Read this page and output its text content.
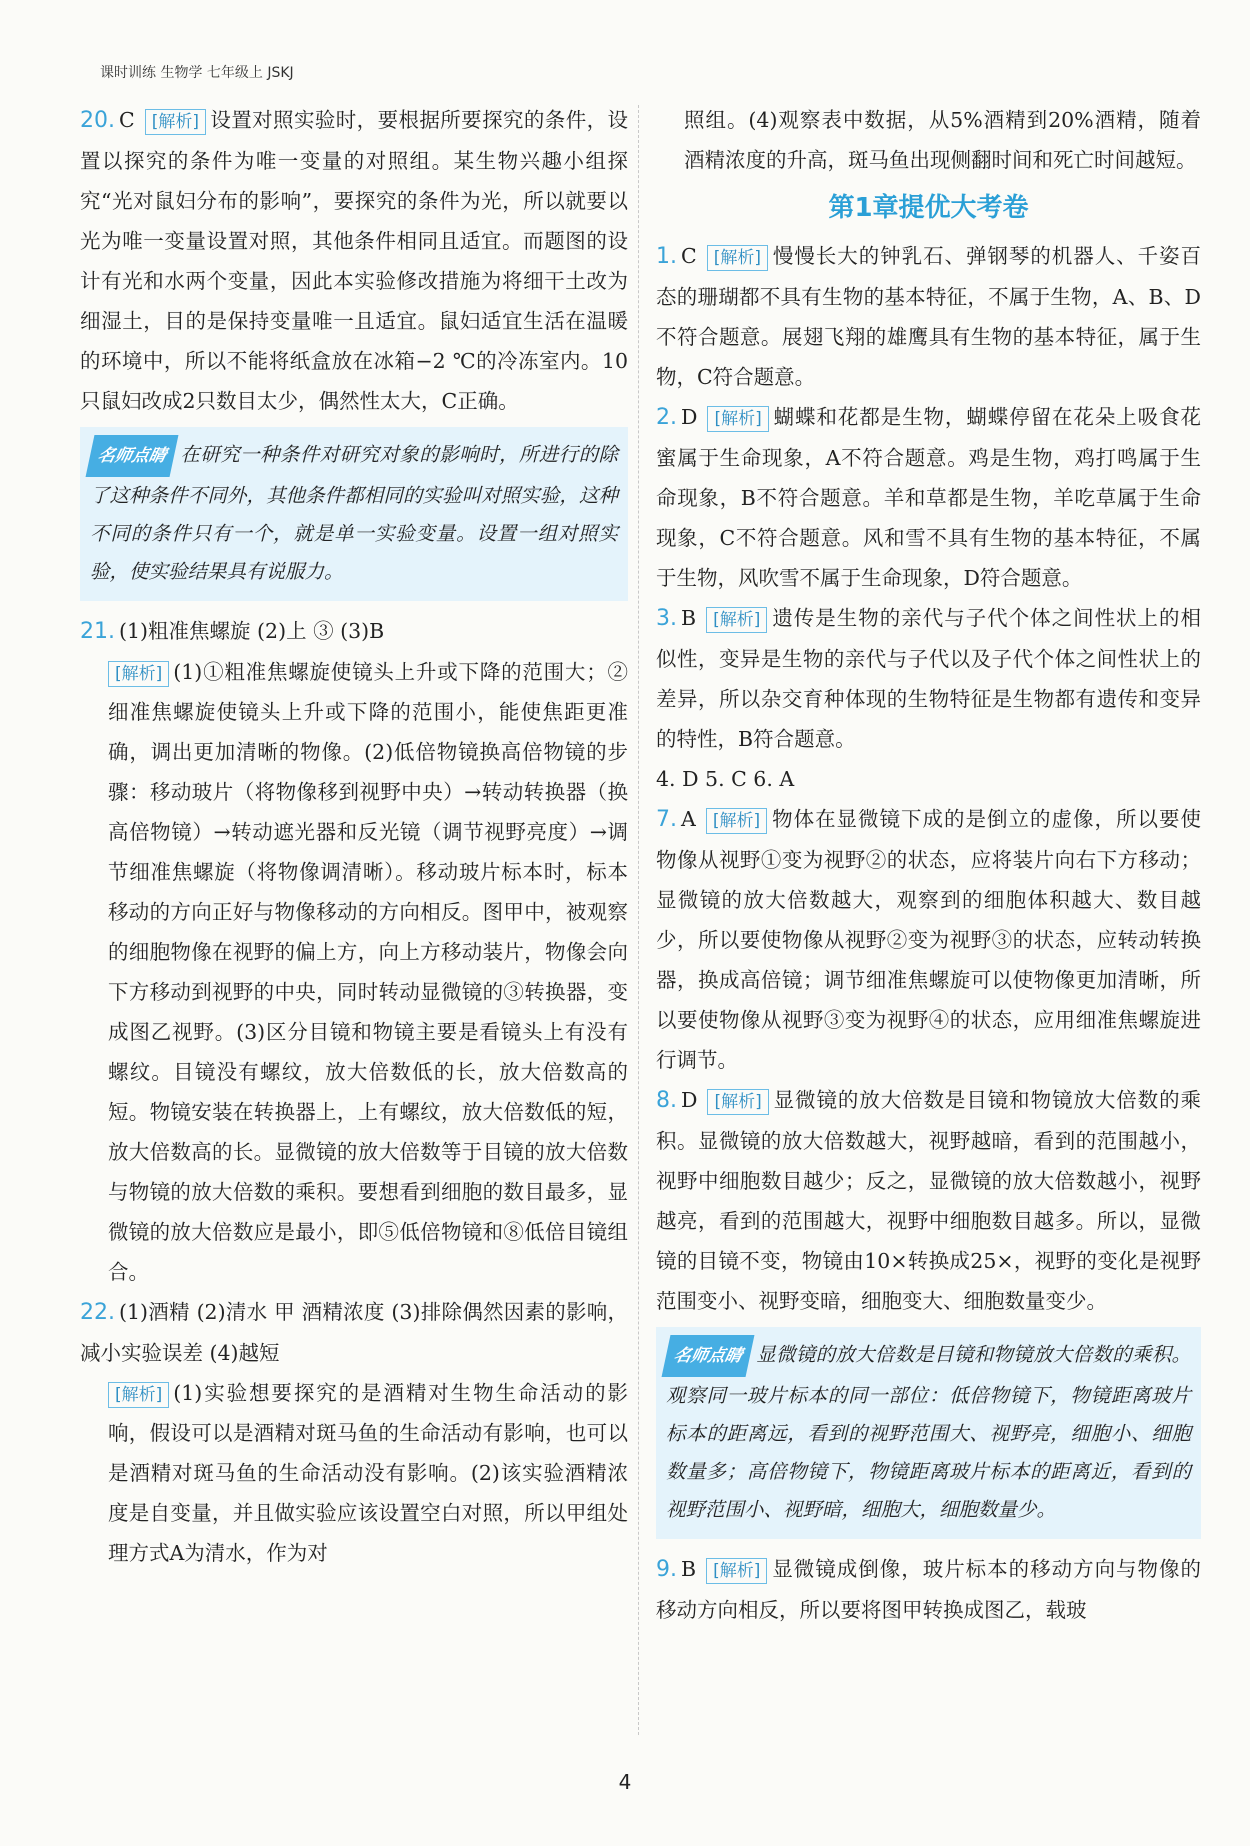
课时训练 生物学 七年级上 JSKJ

20. C [解析] 设置对照实验时，要根据所要探究的条件，设置以探究的条件为唯一变量的对照组。某生物兴趣小组探究“光对鼠妇分布的影响”，要探究的条件为光，所以就要以光为唯一变量设置对照，其他条件相同且适宜。而题图的设计有光和水两个变量，因此本实验修改措施为将细干土改为细湿土，目的是保持变量唯一且适宜。鼠妇适宜生活在温暖的环境中，所以不能将纸盒放在冰箱−2 ℃的冷冻室内。10只鼠妇改成2只数目太少，偶然性太大，C正确。

名师点睛 在研究一种条件对研究对象的影响时，所进行的除了这种条件不同外，其他条件都相同的实验叫对照实验，这种不同的条件只有一个，就是单一实验变量。设置一组对照实验，使实验结果具有说服力。

21. (1)粗准焦螺旋 (2)上 ③ (3)B

[解析] (1)①粗准焦螺旋使镜头上升或下降的范围大；②细准焦螺旋使镜头上升或下降的范围小，能使焦距更准确，调出更加清晰的物像。(2)低倍物镜换高倍物镜的步骤：移动玻片（将物像移到视野中央）→转动转换器（换高倍物镜）→转动遮光器和反光镜（调节视野亮度）→调节细准焦螺旋（将物像调清晰）。移动玻片标本时，标本移动的方向正好与物像移动的方向相反。图甲中，被观察的细胞物像在视野的偏上方，向上方移动装片，物像会向下方移动到视野的中央，同时转动显微镜的③转换器，变成图乙视野。(3)区分目镜和物镜主要是看镜头上有没有螺纹。目镜没有螺纹，放大倍数低的长，放大倍数高的短。物镜安装在转换器上，上有螺纹，放大倍数低的短，放大倍数高的长。显微镜的放大倍数等于目镜的放大倍数与物镜的放大倍数的乘积。要想看到细胞的数目最多，显微镜的放大倍数应是最小，即⑤低倍物镜和⑧低倍目镜组合。

22. (1)酒精 (2)清水 甲 酒精浓度 (3)排除偶然因素的影响，减小实验误差 (4)越短

[解析] (1)实验想要探究的是酒精对生物生命活动的影响，假设可以是酒精对斑马鱼的生命活动有影响，也可以是酒精对斑马鱼的生命活动没有影响。(2)该实验酒精浓度是自变量，并且做实验应该设置空白对照，所以甲组处理方式A为清水，作为对

照组。(4)观察表中数据，从5%酒精到20%酒精，随着酒精浓度的升高，斑马鱼出现侧翻时间和死亡时间越短。

第1章提优大考卷

1. C [解析] 慢慢长大的钟乳石、弹钢琴的机器人、千姿百态的珊瑚都不具有生物的基本特征，不属于生物，A、B、D不符合题意。展翅飞翔的雄鹰具有生物的基本特征，属于生物，C符合题意。

2. D [解析] 蝴蝶和花都是生物，蝴蝶停留在花朵上吸食花蜜属于生命现象，A不符合题意。鸡是生物，鸡打鸣属于生命现象，B不符合题意。羊和草都是生物，羊吃草属于生命现象，C不符合题意。风和雪不具有生物的基本特征，不属于生物，风吹雪不属于生命现象，D符合题意。

3. B [解析] 遗传是生物的亲代与子代个体之间性状上的相似性，变异是生物的亲代与子代以及子代个体之间性状上的差异，所以杂交育种体现的生物特征是生物都有遗传和变异的特性，B符合题意。

4. D 5. C 6. A

7. A [解析] 物体在显微镜下成的是倒立的虚像，所以要使物像从视野①变为视野②的状态，应将装片向右下方移动；显微镜的放大倍数越大，观察到的细胞体积越大、数目越少，所以要使物像从视野②变为视野③的状态，应转动转换器，换成高倍镜；调节细准焦螺旋可以使物像更加清晰，所以要使物像从视野③变为视野④的状态，应用细准焦螺旋进行调节。

8. D [解析] 显微镜的放大倍数是目镜和物镜放大倍数的乘积。显微镜的放大倍数越大，视野越暗，看到的范围越小，视野中细胞数目越少；反之，显微镜的放大倍数越小，视野越亮，看到的范围越大，视野中细胞数目越多。所以，显微镜的目镜不变，物镜由10×转换成25×，视野的变化是视野范围变小、视野变暗，细胞变大、细胞数量变少。

名师点睛 显微镜的放大倍数是目镜和物镜放大倍数的乘积。观察同一玻片标本的同一部位：低倍物镜下，物镜距离玻片标本的距离远，看到的视野范围大、视野亮，细胞小、细胞数量多；高倍物镜下，物镜距离玻片标本的距离近，看到的视野范围小、视野暗，细胞大，细胞数量少。

9. B [解析] 显微镜成倒像，玻片标本的移动方向与物像的移动方向相反，所以要将图甲转换成图乙，载玻

4
